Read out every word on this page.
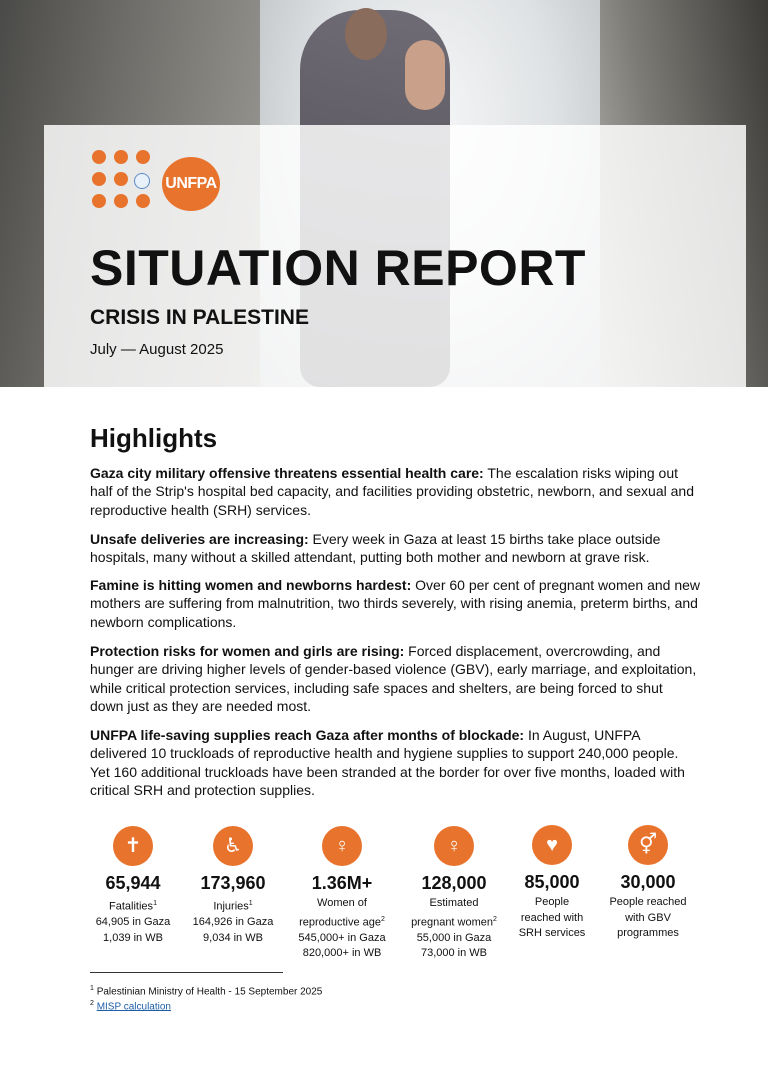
UNFPA
SITUATION REPORT
CRISIS IN PALESTINE
July — August 2025
Highlights
Gaza city military offensive threatens essential health care: The escalation risks wiping out half of the Strip's hospital bed capacity, and facilities providing obstetric, newborn, and sexual and reproductive health (SRH) services.
Unsafe deliveries are increasing: Every week in Gaza at least 15 births take place outside hospitals, many without a skilled attendant, putting both mother and newborn at grave risk.
Famine is hitting women and newborns hardest: Over 60 per cent of pregnant women and new mothers are suffering from malnutrition, two thirds severely, with rising anemia, preterm births, and newborn complications.
Protection risks for women and girls are rising: Forced displacement, overcrowding, and hunger are driving higher levels of gender-based violence (GBV), early marriage, and exploitation, while critical protection services, including safe spaces and shelters, are being forced to shut down just as they are needed most.
UNFPA life-saving supplies reach Gaza after months of blockade: In August, UNFPA delivered 10 truckloads of reproductive health and hygiene supplies to support 240,000 people. Yet 160 additional truckloads have been stranded at the border for over five months, loaded with critical SRH and protection supplies.
✝
65,944
Fatalities$^1$
64,905 in Gaza
1,039 in WB
♿
173,960
Injuries$^1$
164,926 in Gaza
9,034 in WB
♀
1.36M+
Women of
reproductive age$^2$
545,000+ in Gaza
820,000+ in WB
♀
128,000
Estimated
pregnant women$^2$
55,000 in Gaza
73,000 in WB
♥
85,000
People
reached with
SRH services
⚥
30,000
People reached
with GBV
programmes
$^1$ Palestinian Ministry of Health - 15 September 2025
$^2$ MISP calculation
